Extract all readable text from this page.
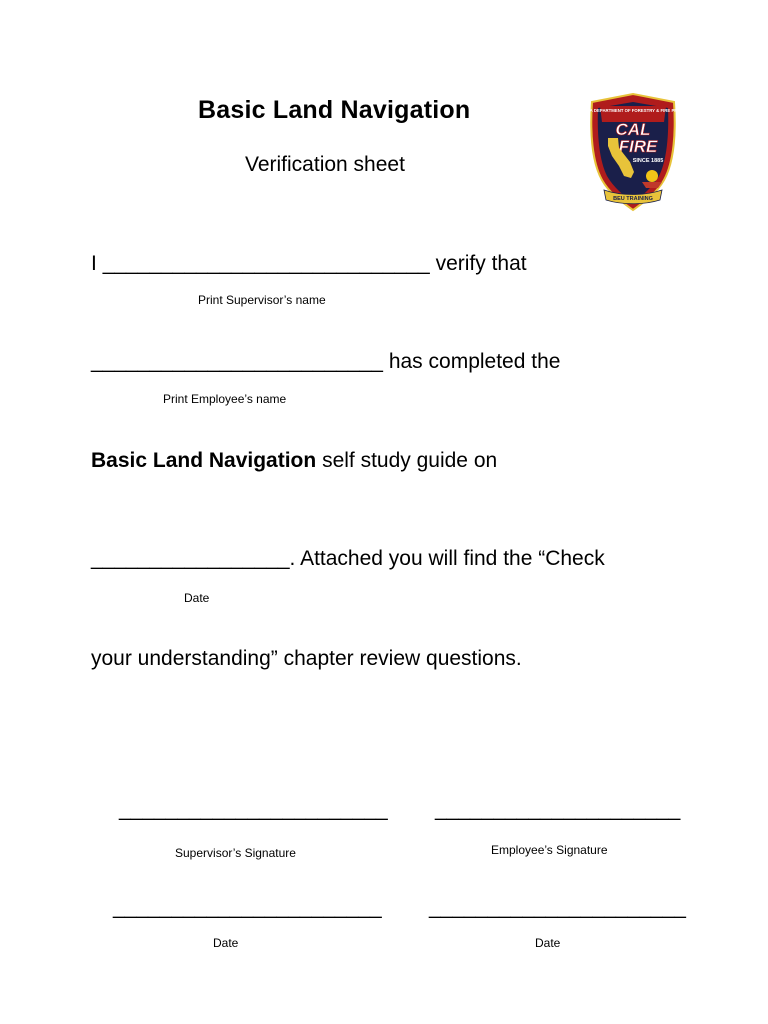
Basic Land Navigation
Verification sheet
CALIFORNIA DEPARTMENT OF FORESTRY & FIRE PROTECTION
CAL
FIRE
SINCE 1885
BEU TRAINING
I ____________________________ verify that
Print Supervisor’s name
_________________________ has completed the
Print Employee’s name
Basic Land Navigation self study guide on
_________________. Attached you will find the “Check
Date
your understanding” chapter review questions.
_______________________
Supervisor’s Signature
_____________________
Employee’s Signature
_______________________
Date
______________________
Date
